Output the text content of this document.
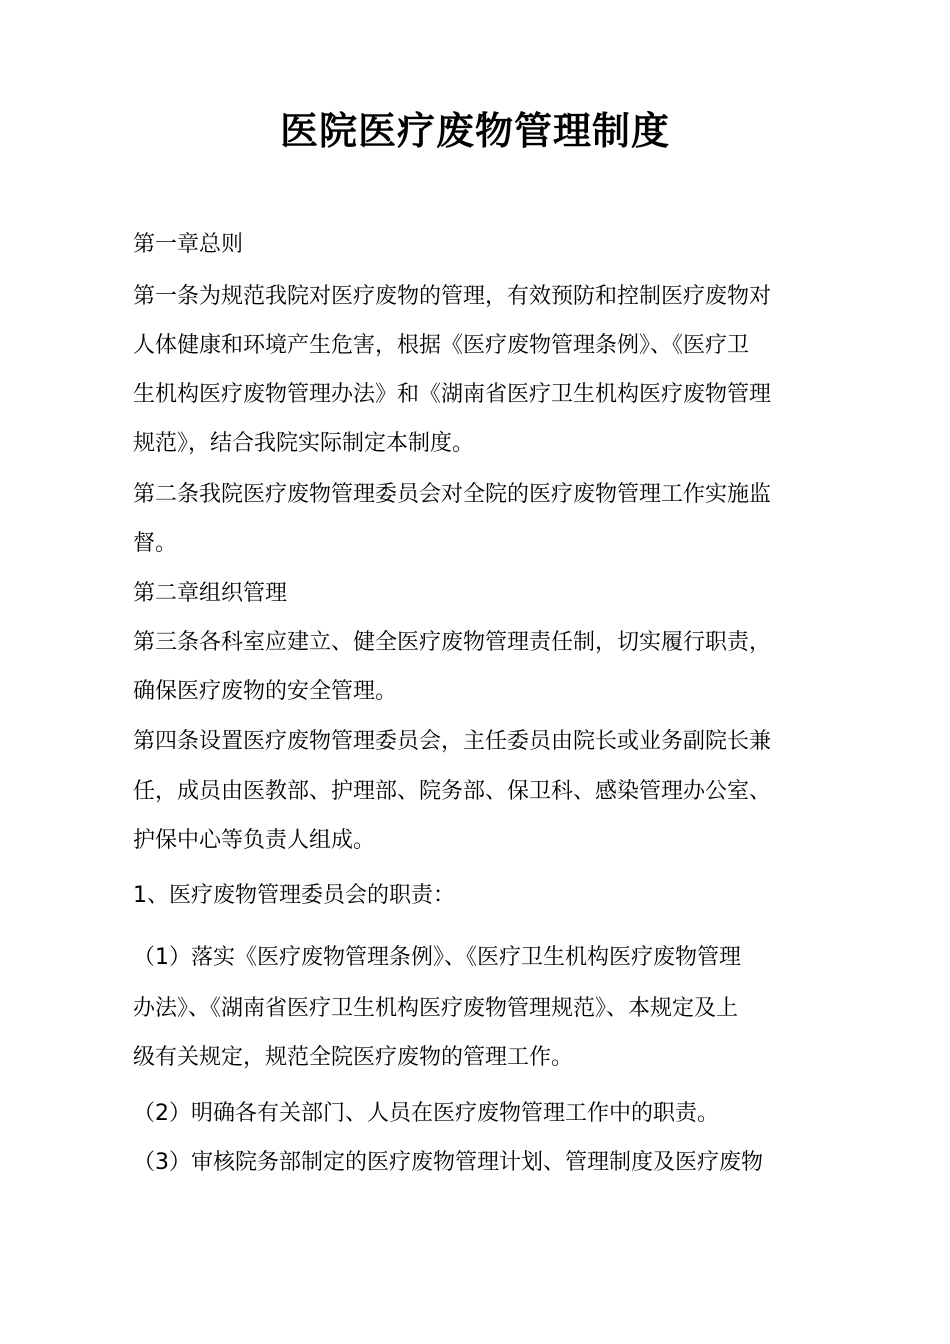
医院医疗废物管理制度
第一章总则
第一条为规范我院对医疗废物的管理，有效预防和控制医疗废物对
人体健康和环境产生危害，根据《医疗废物管理条例》、《医疗卫
生机构医疗废物管理办法》和《湖南省医疗卫生机构医疗废物管理
规范》，结合我院实际制定本制度。
第二条我院医疗废物管理委员会对全院的医疗废物管理工作实施监
督。
第二章组织管理
第三条各科室应建立、健全医疗废物管理责任制，切实履行职责，
确保医疗废物的安全管理。
第四条设置医疗废物管理委员会，主任委员由院长或业务副院长兼
任，成员由医教部、护理部、院务部、保卫科、感染管理办公室、
护保中心等负责人组成。
1、医疗废物管理委员会的职责：
（1）落实《医疗废物管理条例》、《医疗卫生机构医疗废物管理
办法》、《湖南省医疗卫生机构医疗废物管理规范》、本规定及上
级有关规定，规范全院医疗废物的管理工作。
（2）明确各有关部门、人员在医疗废物管理工作中的职责。
（3）审核院务部制定的医疗废物管理计划、管理制度及医疗废物
